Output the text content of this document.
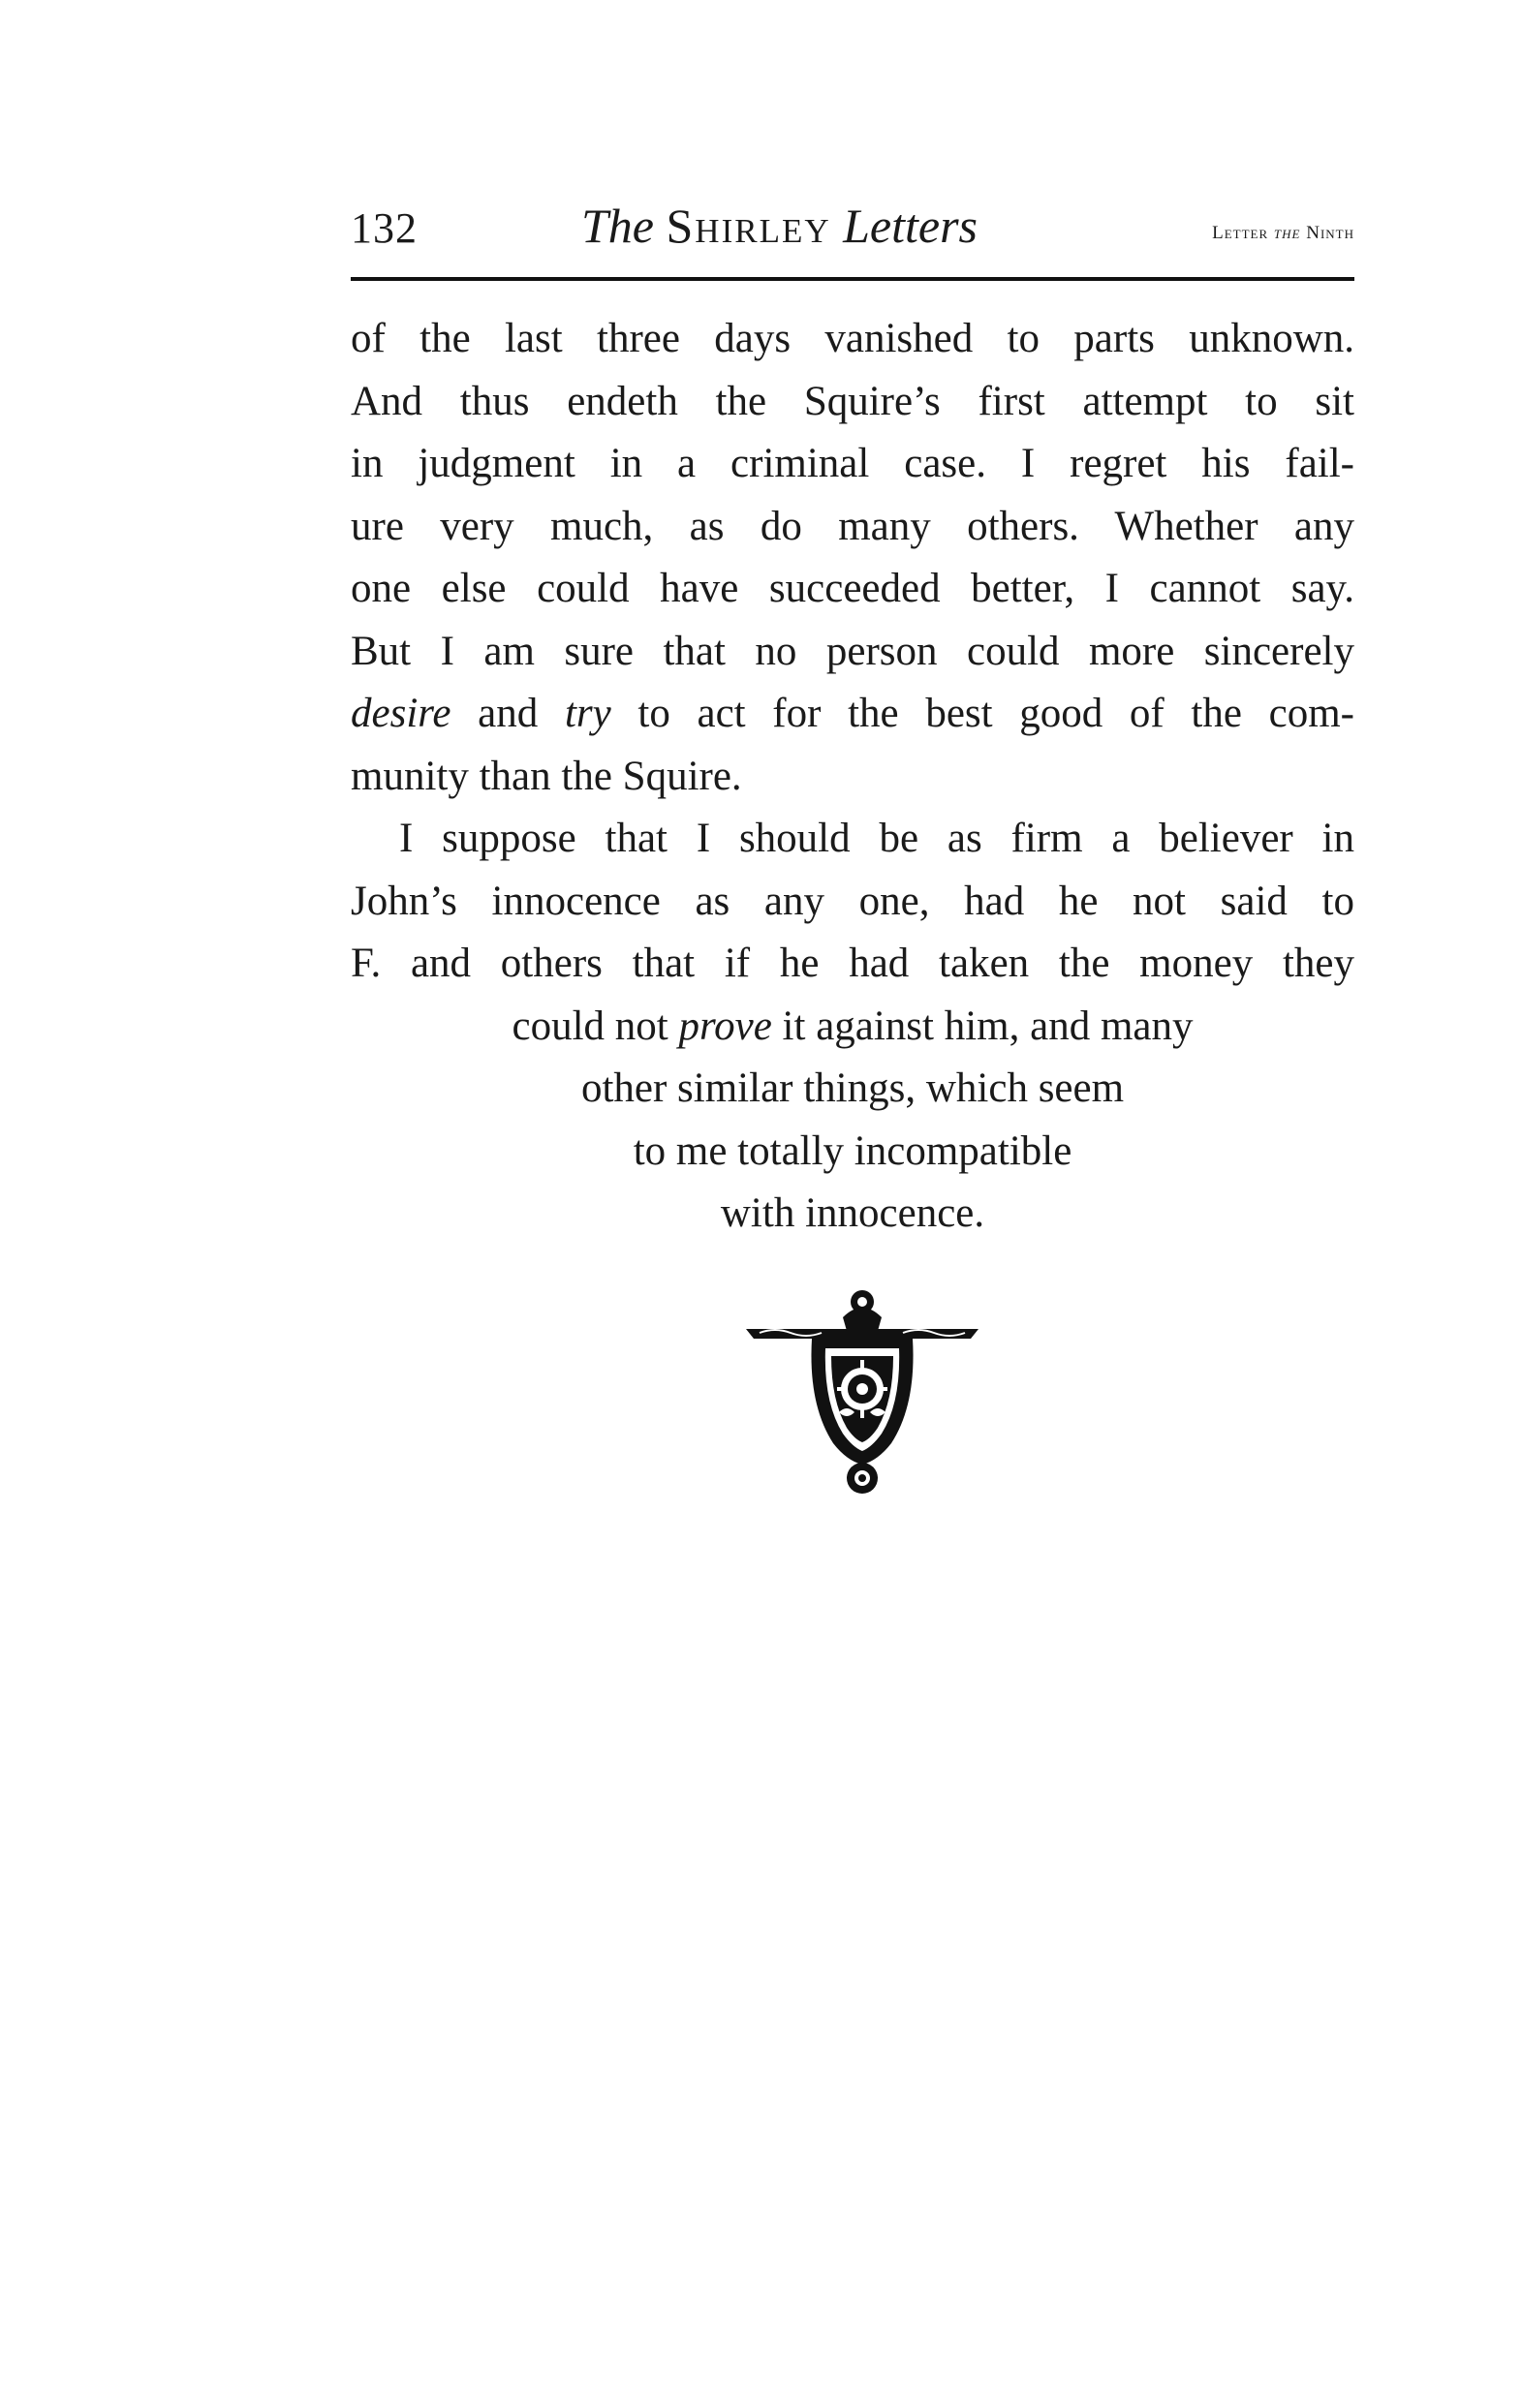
132	The Shirley Letters	Letter the Ninth
of the last three days vanished to parts unknown.
And thus endeth the Squire’s first attempt to sit
in judgment in a criminal case. I regret his fail-
ure very much, as do many others. Whether any
one else could have succeeded better, I cannot say.
But I am sure that no person could more sincerely
desire and try to act for the best good of the com-
munity than the Squire.
I suppose that I should be as firm a believer in
John’s innocence as any one, had he not said to
F. and others that if he had taken the money they
could not prove it against him, and many
other similar things, which seem
to me totally incompatible
with innocence.
